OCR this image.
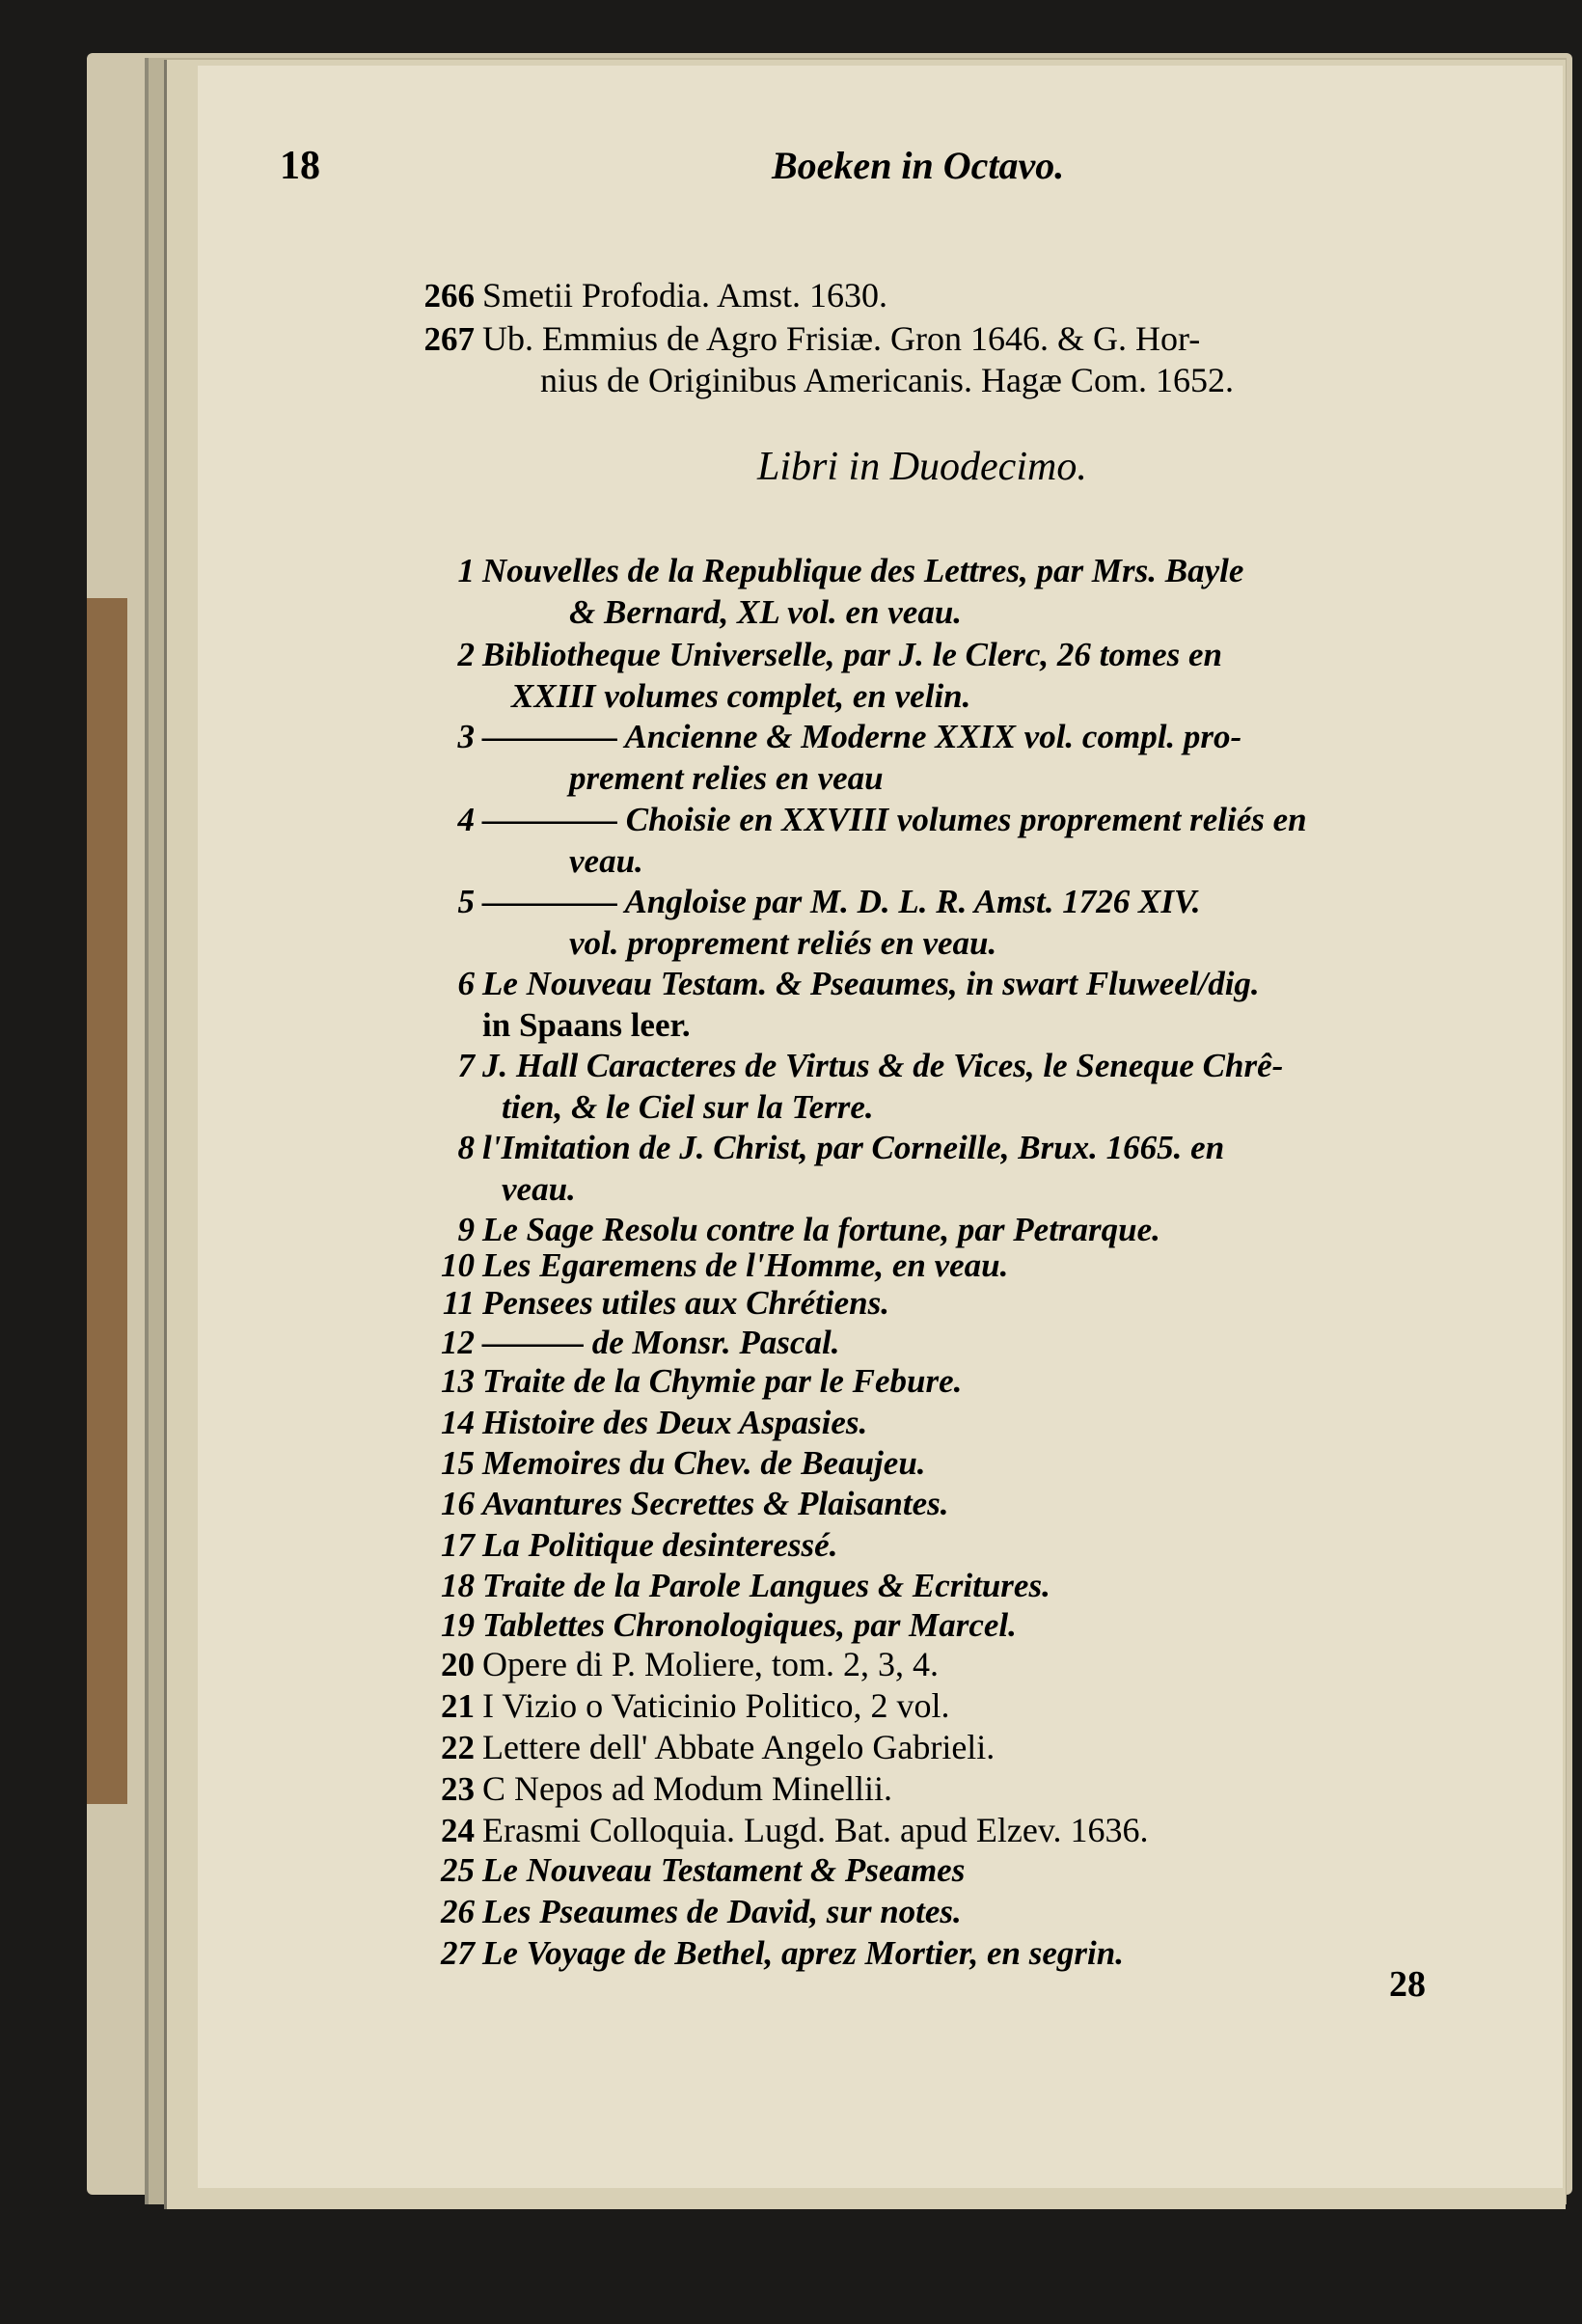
18	Boeken in Octavo.
266 Smetii Profodia. Amst. 1630.
267 Ub. Emmius de Agro Frisiæ. Gron 1646. & G. Hor-
nius de Originibus Americanis. Hagæ Com. 1652.
Libri in Duodecimo.
1 Nouvelles de la Republique des Lettres, par Mrs. Bayle
& Bernard, XL vol. en veau.
2 Bibliotheque Universelle, par J. le Clerc, 26 tomes en
XXIII volumes complet, en velin.
3 ———— Ancienne & Moderne XXIX vol. compl. pro-
prement relies en veau
4 ———— Choisie en XXVIII volumes proprement reliés en
veau.
5 ———— Angloise par M. D. L. R. Amst. 1726 XIV.
vol. proprement reliés en veau.
6 Le Nouveau Testam. & Pseaumes, in swart Fluweel/dig.
in Spaans leer.
7 J. Hall Caracteres de Virtus & de Vices, le Seneque Chrê-
tien, & le Ciel sur la Terre.
8 l'Imitation de J. Christ, par Corneille, Brux. 1665. en
veau.
9 Le Sage Resolu contre la fortune, par Petrarque.
10 Les Egaremens de l'Homme, en veau.
11 Pensees utiles aux Chrétiens.
12 ——— de Monsr. Pascal.
13 Traite de la Chymie par le Febure.
14 Histoire des Deux Aspasies.
15 Memoires du Chev. de Beaujeu.
16 Avantures Secrettes & Plaisantes.
17 La Politique desinteressé.
18 Traite de la Parole Langues & Ecritures.
19 Tablettes Chronologiques, par Marcel.
20 Opere di P. Moliere, tom. 2, 3, 4.
21 I Vizio o Vaticinio Politico, 2 vol.
22 Lettere dell' Abbate Angelo Gabrieli.
23 C Nepos ad Modum Minellii.
24 Erasmi Colloquia. Lugd. Bat. apud Elzev. 1636.
25 Le Nouveau Testament & Pseames
26 Les Pseaumes de David, sur notes.
27 Le Voyage de Bethel, aprez Mortier, en segrin.
28
